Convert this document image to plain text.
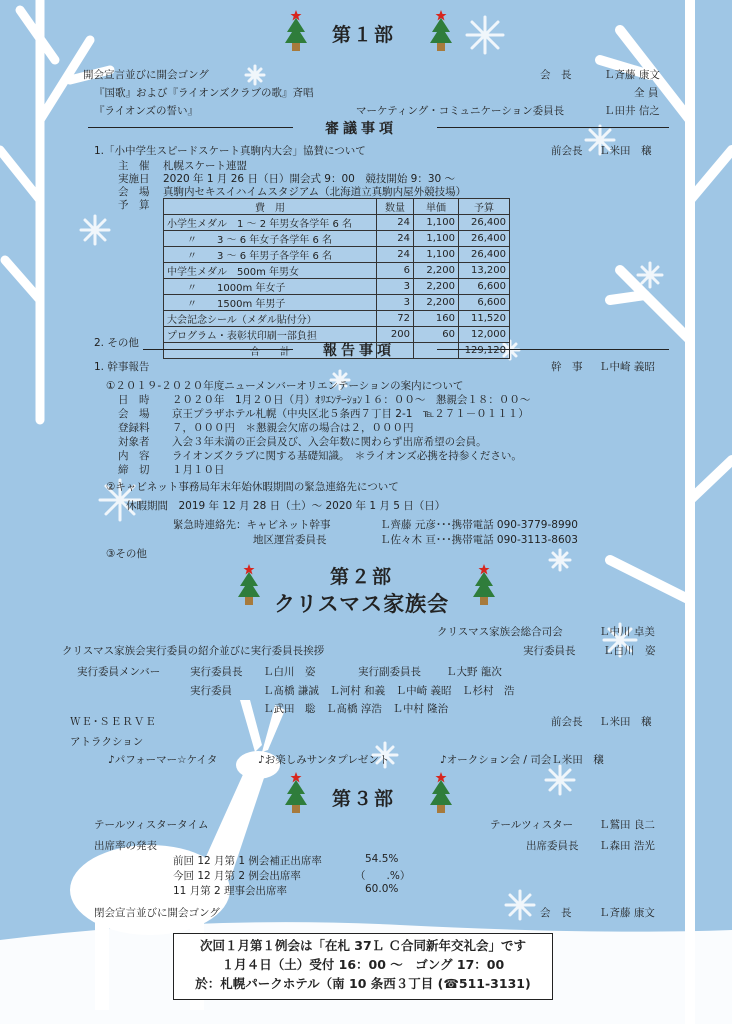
第１部
開会宣言並びに開会ゴング	会　長	Ｌ斉藤 康文
『国歌』および『ライオンズクラブの歌』斉唱	全 員
『ライオンズの誓い』	マーケティング・コミュニケーション委員長	Ｌ田井 信之
審議事項
1.「小中学生スピードスケート真駒内大会」協賛について	前会長 Ｌ米田　穣
主　催 札幌スケート連盟
実施日 2020 年 1 月 26 日（日）開会式 9：00　競技開始 9：30 ～
会　場 真駒内セキスイハイムスタジアム（北海道立真駒内屋外競技場）
予　算	費　用	数量	単価	予算
小学生メダル　1 ～ 2 年男女各学年 6 名	24	1,100	26,400
　　〃　　3 ～ 6 年女子各学年 6 名	24	1,100	26,400
　　〃　　3 ～ 6 年男子各学年 6 名	24	1,100	26,400
中学生メダル　500m 年男女	6	2,200	13,200
　　〃　　1000m 年女子	3	2,200	6,600
　　〃　　1500m 年男子	3	2,200	6,600
大会記念シール（メダル貼付分）	72	160	11,520
プログラム・表彰状印刷一部負担	200	60	12,000
合　　計			129,120
2. その他	報告事項
1. 幹事報告	幹　事 Ｌ中崎 義昭
①２０１９-２０２０年度ニューメンバーオリエンテーションの案内について
日　時 ２０２０年　1月２０日（月）ｵﾘｴﾝﾃｰｼｮﾝ１６：００～　懇親会１８：００～
会　場 京王プラザホテル札幌（中央区北５条西７丁目 2-1　℡２７１－０１１１）
登録料 ７，０００円　＊懇親会欠席の場合は２，０００円
対象者 入会３年未満の正会員及び、入会年数に関わらず出席希望の会員。
内　容 ライオンズクラブに関する基礎知識。　＊ライオンズ必携を持参ください。
締　切 １月１０日
②キャビネット事務局年末年始休暇期間の緊急連絡先について
休暇期間　2019 年 12 月 28 日（土）～ 2020 年 1 月 5 日（日）
緊急時連絡先：キャビネット幹事	Ｌ齊藤 元彦･･･携帯電話 090-3779-8990
地区運営委員長	Ｌ佐々木 亘･･･携帯電話 090-3113-8603
③その他
第２部
クリスマス家族会
クリスマス家族会総合司会	Ｌ中川 卓美
クリスマス家族会実行委員の紹介並びに実行委員長挨拶	実行委員長	Ｌ白川　姿
実行委員メンバー	実行委員長 Ｌ白川　姿	実行副委員長 Ｌ大野 龍次
実行委員	Ｌ髙橋 謙誠　Ｌ河村 和義　Ｌ中崎 義昭　Ｌ杉村　浩
Ｌ武田　聡　Ｌ髙橋 淳浩　Ｌ中村 隆治
ＷＥ･ＳＥＲＶＥ	前会長 Ｌ米田　穣
アトラクション
♪パフォーマー☆ケイタ	♪お楽しみサンタプレゼント	♪オークション会 / 司会Ｌ米田　穣
第３部
テールツィスタータイム	テールツィスター Ｌ鷲田 良二
出席率の発表	出席委員長 Ｌ森田 浩光
前回 12 月第 1 例会補正出席率	54.5%
今回 12 月第 2 例会出席率	（　　.%）
11 月第 2 理事会出席率	60.0%
閉会宣言並びに開会ゴング	会　長	Ｌ斉藤 康文
次回１月第１例会は「在札 37Ｌ Ｃ合同新年交礼会」です
１月４日（土）受付 16：00 ～　ゴング 17：00
於：札幌パークホテル（南 10 条西３丁目 (☎511-3131)
